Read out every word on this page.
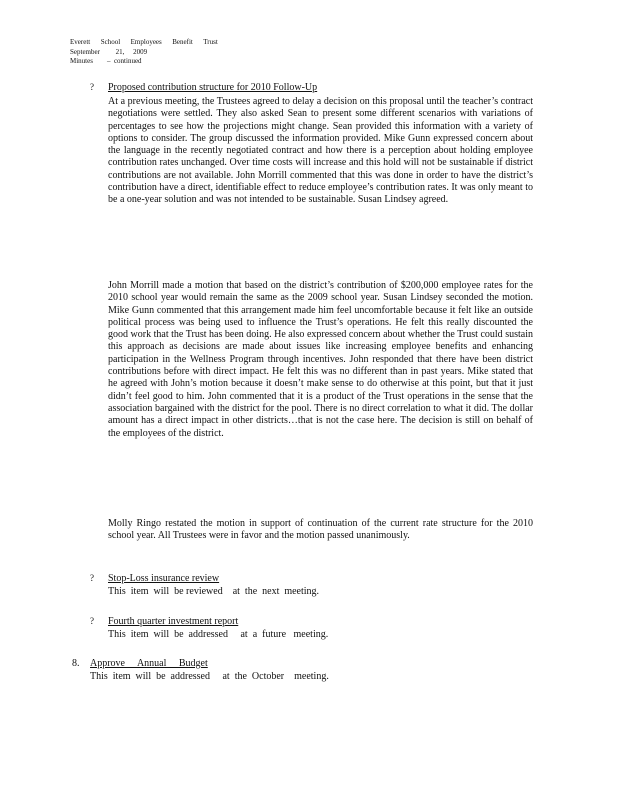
Everett      School      Employees      Benefit      Trust
September         21,     2009
Minutes        –  continued
? Proposed contribution structure for 2010 Follow-Up

At a previous meeting, the Trustees agreed to delay a decision on this proposal until the teacher’s contract negotiations were settled. They also asked Sean to present some different scenarios with variations of percentages to see how the projections might change. Sean provided this information with a variety of options to consider. The group discussed the information provided. Mike Gunn expressed concern about the language in the recently negotiated contract and how there is a perception about holding employee contribution rates unchanged. Over time costs will increase and this hold will not be sustainable if district contributions are not available. John Morrill commented that this was done in order to have the district’s contribution have a direct, identifiable effect to reduce employee’s contribution rates. It was only meant to be a one-year solution and was not intended to be sustainable. Susan Lindsey agreed.

John Morrill made a motion that based on the district’s contribution of $200,000 employee rates for the 2010 school year would remain the same as the 2009 school year. Susan Lindsey seconded the motion. Mike Gunn commented that this arrangement made him feel uncomfortable because it felt like an outside political process was being used to influence the Trust’s operations. He felt this really discounted the good work that the Trust has been doing. He also expressed concern about whether the Trust could sustain this approach as decisions are made about issues like increasing employee benefits and enhancing participation in the Wellness Program through incentives. John responded that there have been district contributions before with direct impact. He felt this was no different than in past years. Mike stated that he agreed with John’s motion because it doesn’t make sense to do otherwise at this point, but that it just didn’t feel good to him. John commented that it is a product of the Trust operations in the sense that the association bargained with the district for the pool. There is no direct correlation to what it did. The dollar amount has a direct impact in other districts…that is not the case here. The decision is still on behalf of the employees of the district.

Molly Ringo restated the motion in support of continuation of the current rate structure for the 2010 school year. All Trustees were in favor and the motion passed unanimously.

? Stop-Loss insurance review

This  item  will  be reviewed    at  the  next  meeting.

? Fourth quarter investment report

This  item  will  be  addressed     at  a  future   meeting.

8. Approve     Annual     Budget
This  item  will  be  addressed     at  the  October    meeting.
